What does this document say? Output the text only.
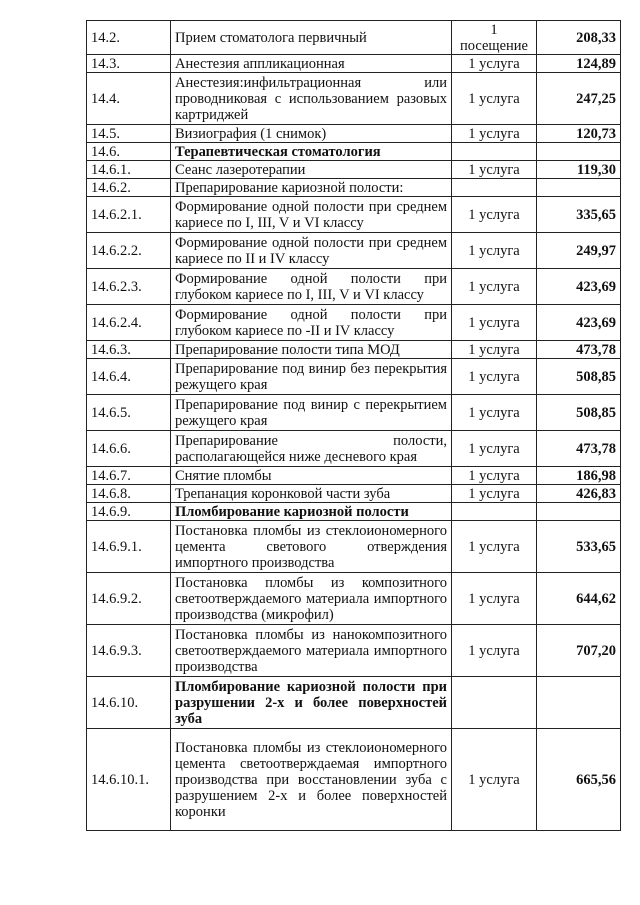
14.2.	Прием стоматолога первичный	1 посещение	208,33
14.3.	Анестезия аппликационная	1 услуга	124,89
14.4.	Анестезия:инфильтрационная или проводниковая с использованием разовых картриджей	1 услуга	247,25
14.5.	Визиография (1 снимок)	1 услуга	120,73
14.6.	Терапевтическая стоматология		
14.6.1.	Сеанс лазеротерапии	1 услуга	119,30
14.6.2.	Препарирование кариозной полости:		
14.6.2.1.	Формирование одной полости при среднем кариесе по I, III, V и VI классу	1 услуга	335,65
14.6.2.2.	Формирование одной полости при среднем кариесе по II и IV классу	1 услуга	249,97
14.6.2.3.	Формирование одной полости при глубоком кариесе по I, III, V и VI классу	1 услуга	423,69
14.6.2.4.	Формирование одной полости при глубоком кариесе по -II и IV классу	1 услуга	423,69
14.6.3.	Препарирование полости типа МОД	1 услуга	473,78
14.6.4.	Препарирование под винир без перекрытия режущего края	1 услуга	508,85
14.6.5.	Препарирование под винир с перекрытием режущего края	1 услуга	508,85
14.6.6.	Препарирование полости, располагающейся ниже десневого края	1 услуга	473,78
14.6.7.	Снятие пломбы	1 услуга	186,98
14.6.8.	Трепанация коронковой части зуба	1 услуга	426,83
14.6.9.	Пломбирование кариозной полости		
14.6.9.1.	Постановка пломбы из стеклоиономерного цемента светового отверждения импортного производства	1 услуга	533,65
14.6.9.2.	Постановка пломбы из композитного светоотверждаемого материала импортного производства (микрофил)	1 услуга	644,62
14.6.9.3.	Постановка пломбы из нанокомпозитного светоотверждаемого материала импортного производства	1 услуга	707,20
14.6.10.	Пломбирование кариозной полости при разрушении 2-х и более поверхностей зуба		
14.6.10.1.	Постановка пломбы из стеклоиономерного цемента светоотверждаемая импортного производства при восстановлении зуба с разрушением 2-х и более поверхностей коронки	1 услуга	665,56
